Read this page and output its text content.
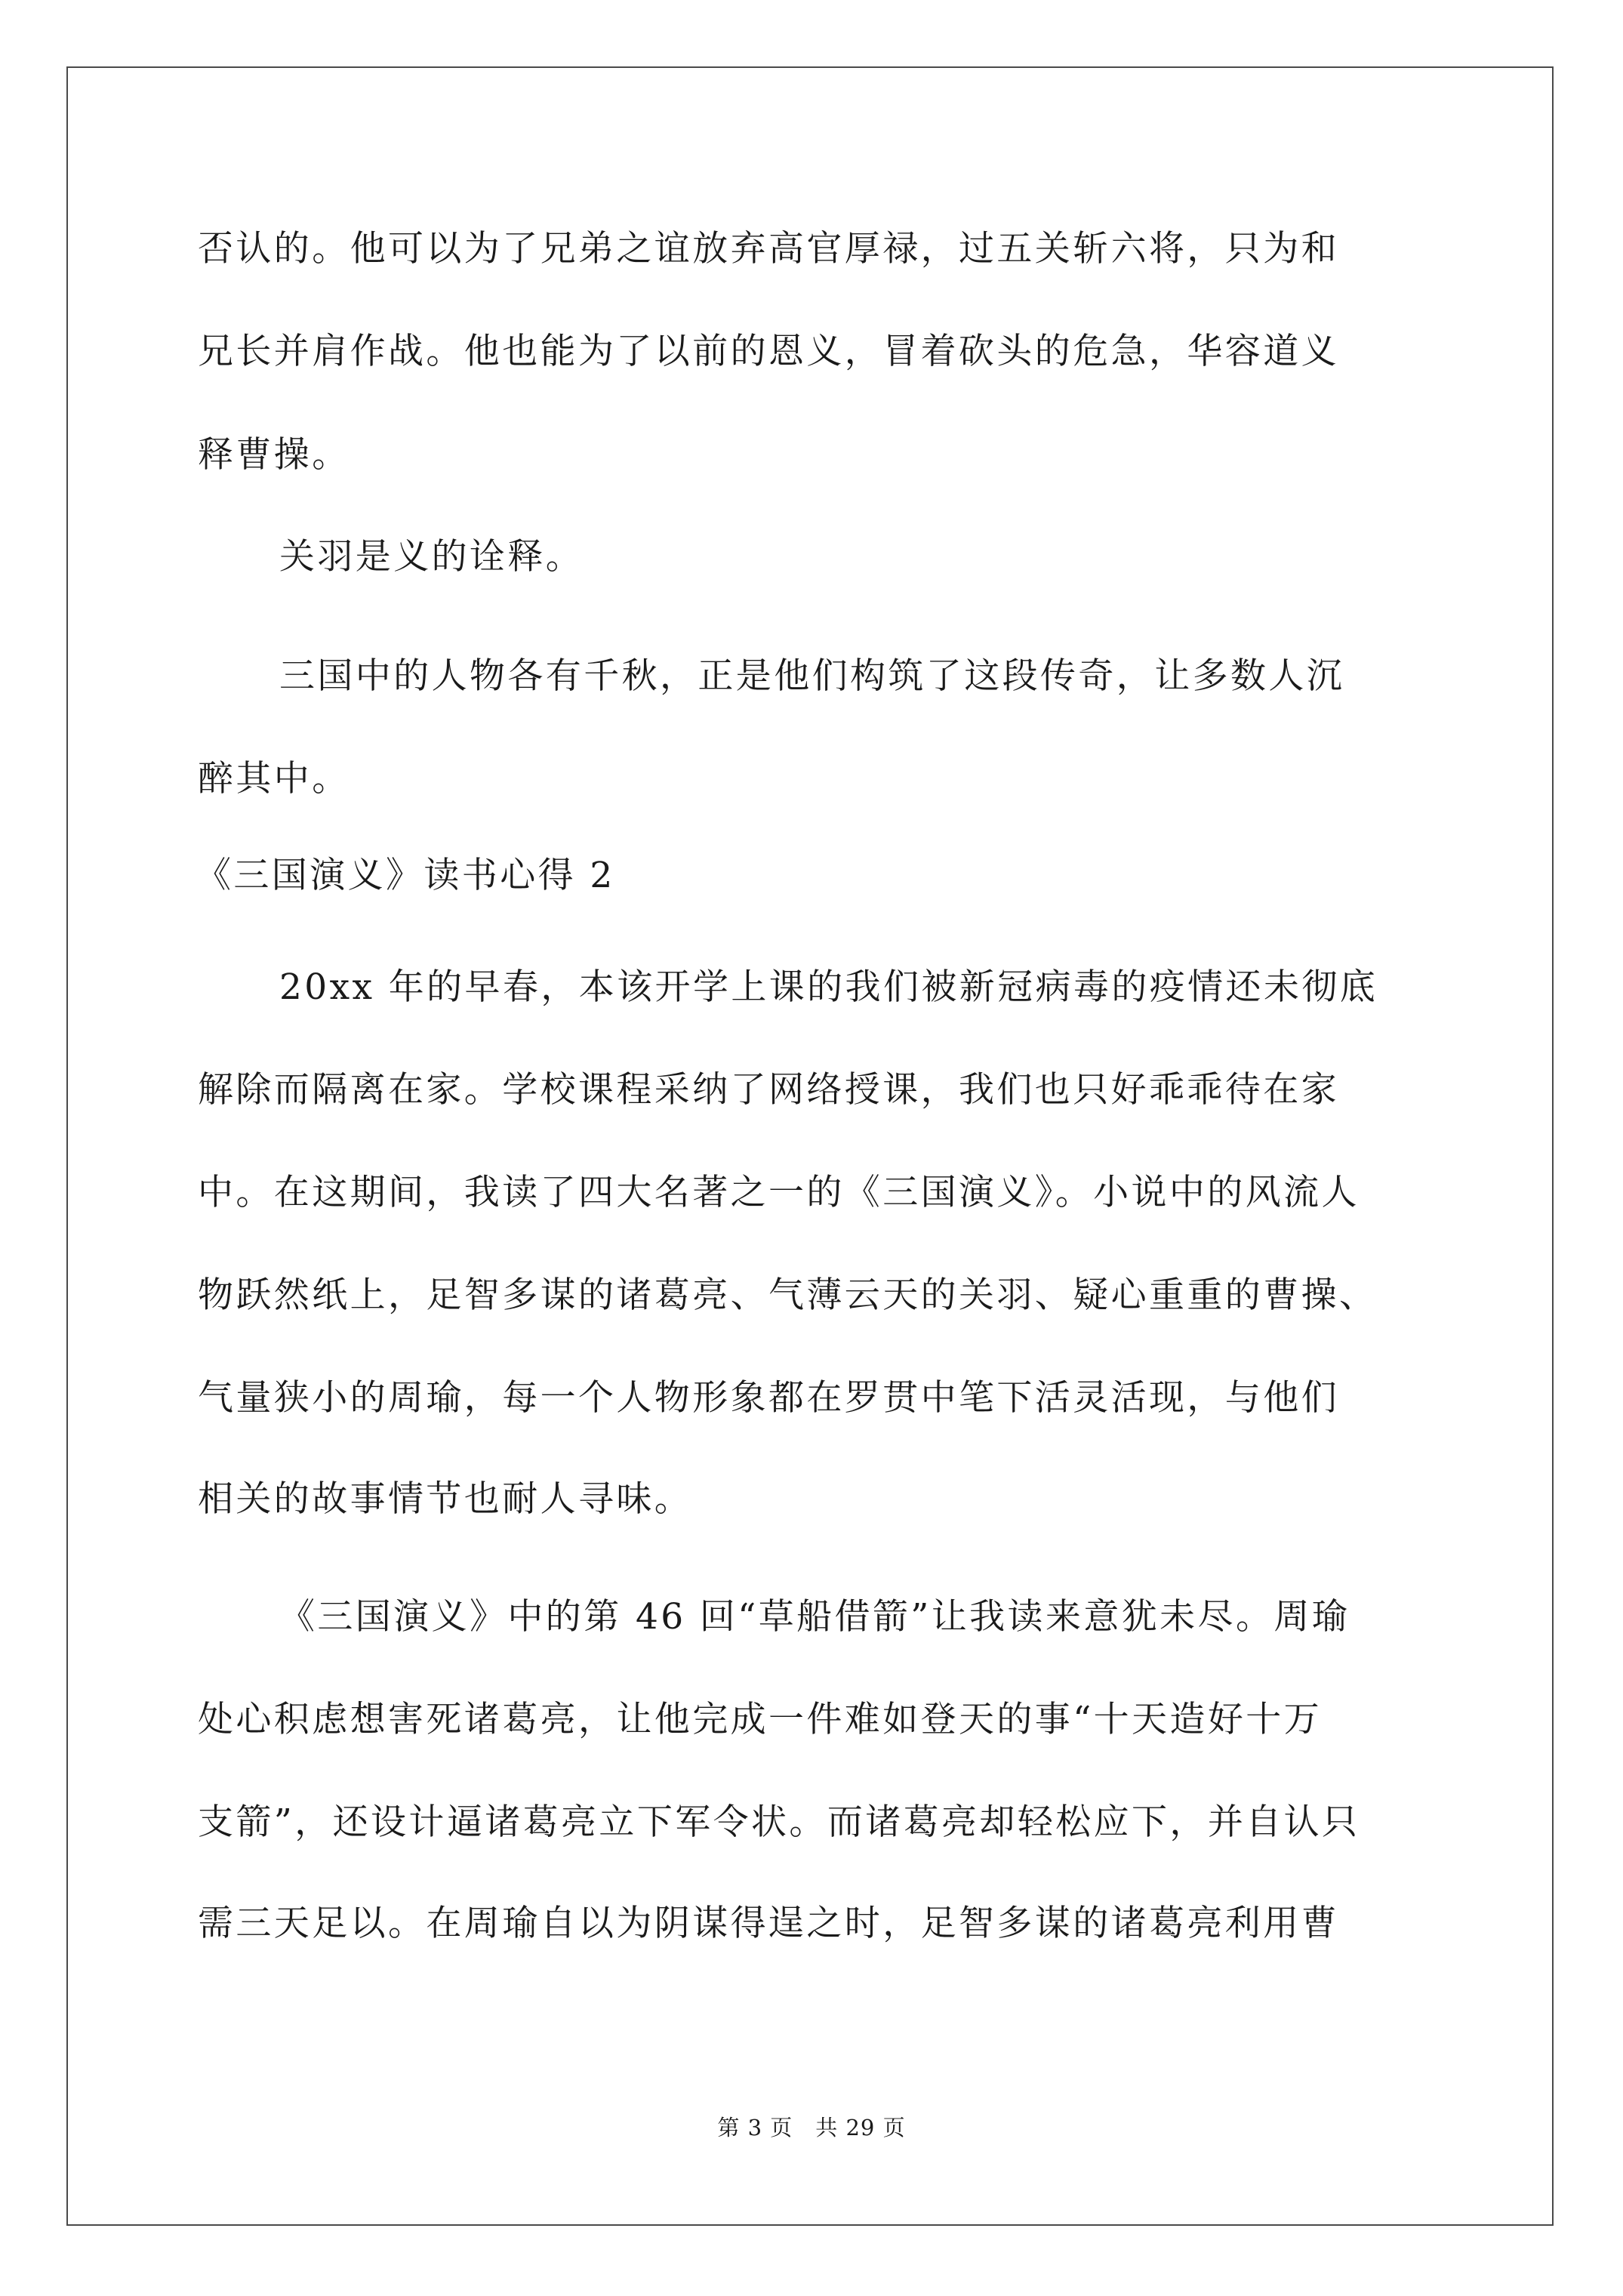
否认的。他可以为了兄弟之谊放弃高官厚禄，过五关斩六将，只为和
兄长并肩作战。他也能为了以前的恩义，冒着砍头的危急，华容道义
释曹操。
关羽是义的诠释。
三国中的人物各有千秋，正是他们构筑了这段传奇，让多数人沉
醉其中。
《三国演义》读书心得 2
20xx 年的早春，本该开学上课的我们被新冠病毒的疫情还未彻底
解除而隔离在家。学校课程采纳了网络授课，我们也只好乖乖待在家
中。在这期间，我读了四大名著之一的《三国演义》。小说中的风流人
物跃然纸上，足智多谋的诸葛亮、气薄云天的关羽、疑心重重的曹操、
气量狭小的周瑜，每一个人物形象都在罗贯中笔下活灵活现，与他们
相关的故事情节也耐人寻味。
《三国演义》中的第 46 回“草船借箭”让我读来意犹未尽。周瑜
处心积虑想害死诸葛亮，让他完成一件难如登天的事“十天造好十万
支箭”，还设计逼诸葛亮立下军令状。而诸葛亮却轻松应下，并自认只
需三天足以。在周瑜自以为阴谋得逞之时，足智多谋的诸葛亮利用曹
第 3 页　共 29 页
